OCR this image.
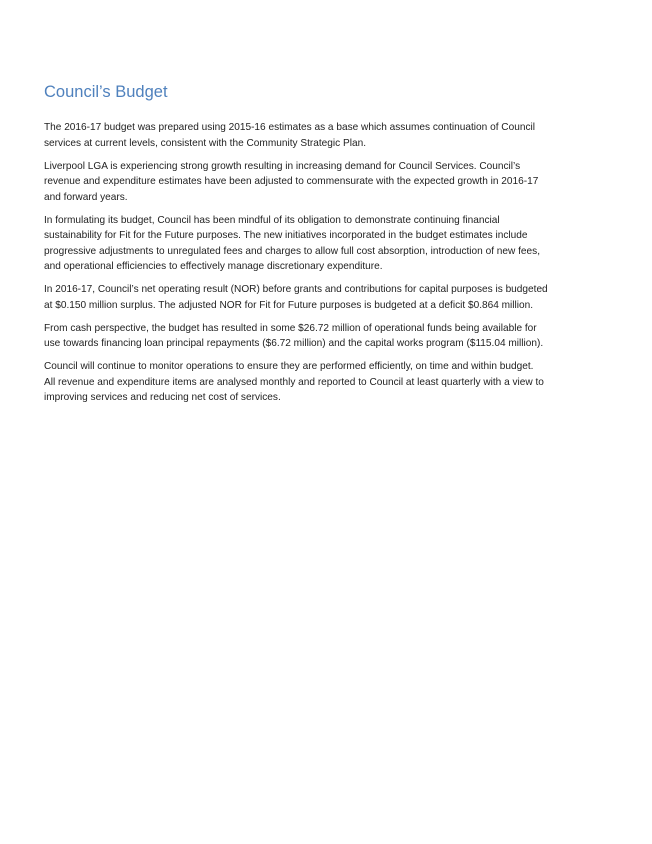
Council’s Budget

The 2016-17 budget was prepared using 2015-16 estimates as a base which assumes continuation of Council
services at current levels, consistent with the Community Strategic Plan.

Liverpool LGA is experiencing strong growth resulting in increasing demand for Council Services. Council’s
revenue and expenditure estimates have been adjusted to commensurate with the expected growth in 2016-17
and forward years.

In formulating its budget, Council has been mindful of its obligation to demonstrate continuing financial
sustainability for Fit for the Future purposes. The new initiatives incorporated in the budget estimates include
progressive adjustments to unregulated fees and charges to allow full cost absorption, introduction of new fees,
and operational efficiencies to effectively manage discretionary expenditure.

In 2016-17, Council’s net operating result (NOR) before grants and contributions for capital purposes is budgeted
at $0.150 million surplus. The adjusted NOR for Fit for Future purposes is budgeted at a deficit $0.864 million.

From cash perspective, the budget has resulted in some $26.72 million of operational funds being available for
use towards financing loan principal repayments ($6.72 million) and the capital works program ($115.04 million).

Council will continue to monitor operations to ensure they are performed efficiently, on time and within budget.
All revenue and expenditure items are analysed monthly and reported to Council at least quarterly with a view to
improving services and reducing net cost of services.
